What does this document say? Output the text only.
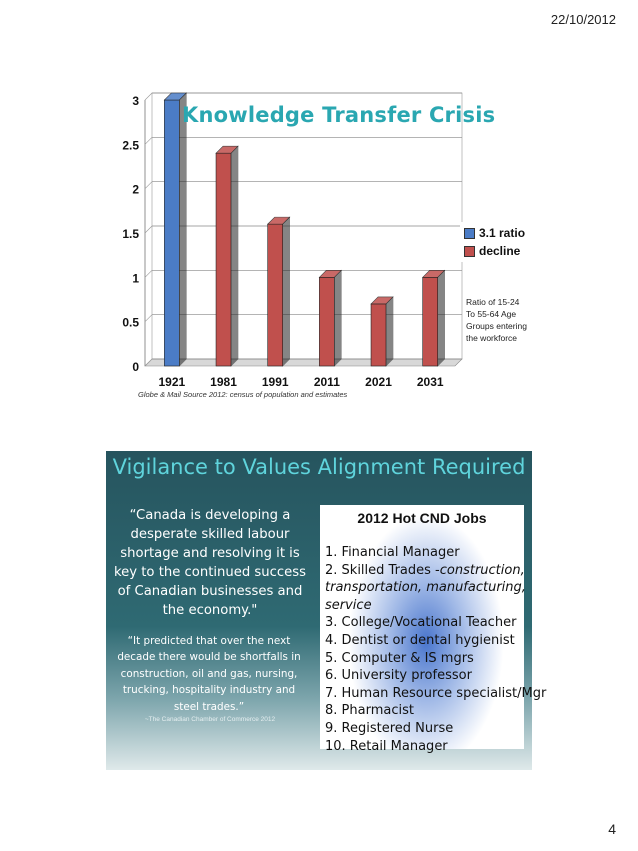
22/10/2012
0
0.5
1
1.5
2
2.5
3
1921 1981 1991 2011 2021 2031
Knowledge Transfer Crisis
3.1 ratio
decline
Ratio of 15-24
To 55-64 Age
Groups entering
the workforce
Globe & Mail Source 2012: census of population and estimates
Vigilance to Values Alignment Required
“Canada is developing a desperate skilled labour shortage and resolving it is key to the continued success of Canadian businesses and the economy."
“It predicted that over the next decade there would be shortfalls in construction, oil and gas, nursing, trucking, hospitality industry and steel trades.”
~The Canadian Chamber of Commerce 2012
2012 Hot CND Jobs
1. Financial Manager
2. Skilled Trades -construction,
transportation, manufacturing,
service
3. College/Vocational Teacher
4. Dentist or dental hygienist
5. Computer & IS mgrs
6. University professor
7. Human Resource specialist/Mgr
8. Pharmacist
9. Registered Nurse
10. Retail Manager
4
